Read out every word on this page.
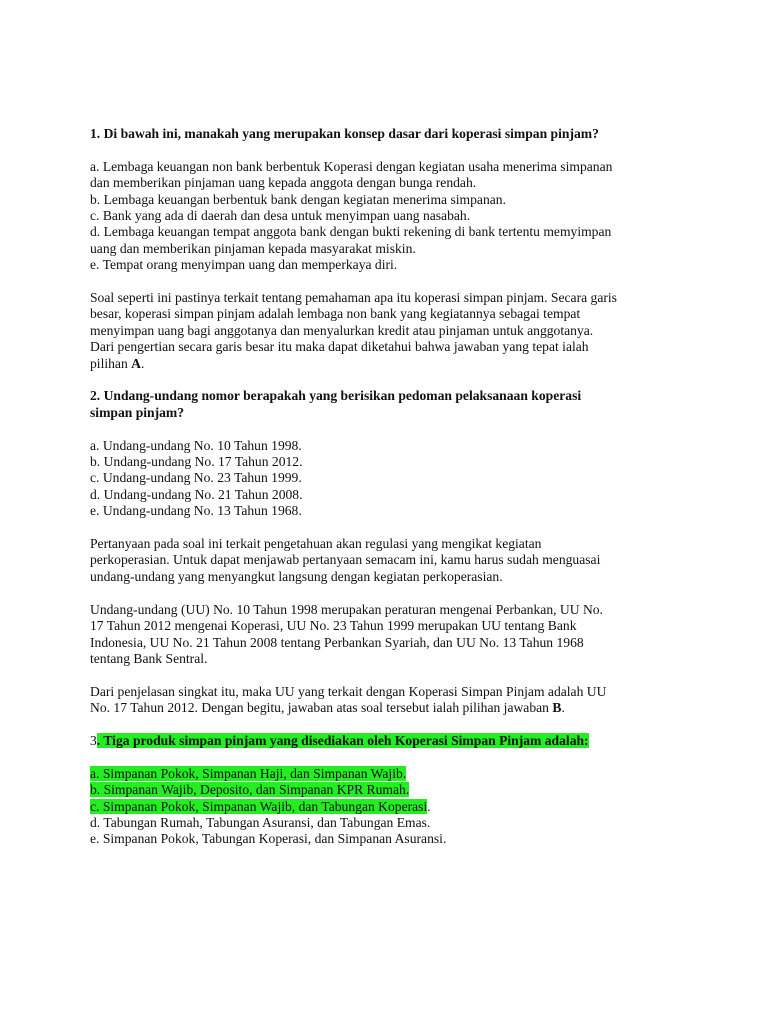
1. Di bawah ini, manakah yang merupakan konsep dasar dari koperasi simpan pinjam?
a. Lembaga keuangan non bank berbentuk Koperasi dengan kegiatan usaha menerima simpanan
dan memberikan pinjaman uang kepada anggota dengan bunga rendah.
b. Lembaga keuangan berbentuk bank dengan kegiatan menerima simpanan.
c. Bank yang ada di daerah dan desa untuk menyimpan uang nasabah.
d. Lembaga keuangan tempat anggota bank dengan bukti rekening di bank tertentu memyimpan
uang dan memberikan pinjaman kepada masyarakat miskin.
e. Tempat orang menyimpan uang dan memperkaya diri.
Soal seperti ini pastinya terkait tentang pemahaman apa itu koperasi simpan pinjam. Secara garis
besar, koperasi simpan pinjam adalah lembaga non bank yang kegiatannya sebagai tempat
menyimpan uang bagi anggotanya dan menyalurkan kredit atau pinjaman untuk anggotanya.
Dari pengertian secara garis besar itu maka dapat diketahui bahwa jawaban yang tepat ialah
pilihan A.
2. Undang-undang nomor berapakah yang berisikan pedoman pelaksanaan koperasi
simpan pinjam?
a. Undang-undang No. 10 Tahun 1998.
b. Undang-undang No. 17 Tahun 2012.
c. Undang-undang No. 23 Tahun 1999.
d. Undang-undang No. 21 Tahun 2008.
e. Undang-undang No. 13 Tahun 1968.
Pertanyaan pada soal ini terkait pengetahuan akan regulasi yang mengikat kegiatan
perkoperasian. Untuk dapat menjawab pertanyaan semacam ini, kamu harus sudah menguasai
undang-undang yang menyangkut langsung dengan kegiatan perkoperasian.
Undang-undang (UU) No. 10 Tahun 1998 merupakan peraturan mengenai Perbankan, UU No.
17 Tahun 2012 mengenai Koperasi, UU No. 23 Tahun 1999 merupakan UU tentang Bank
Indonesia, UU No. 21 Tahun 2008 tentang Perbankan Syariah, dan UU No. 13 Tahun 1968
tentang Bank Sentral.
Dari penjelasan singkat itu, maka UU yang terkait dengan Koperasi Simpan Pinjam adalah UU
No. 17 Tahun 2012. Dengan begitu, jawaban atas soal tersebut ialah pilihan jawaban B.
3. Tiga produk simpan pinjam yang disediakan oleh Koperasi Simpan Pinjam adalah:
a. Simpanan Pokok, Simpanan Haji, dan Simpanan Wajib.
b. Simpanan Wajib, Deposito, dan Simpanan KPR Rumah.
c. Simpanan Pokok, Simpanan Wajib, dan Tabungan Koperasi.
d. Tabungan Rumah, Tabungan Asuransi, dan Tabungan Emas.
e. Simpanan Pokok, Tabungan Koperasi, dan Simpanan Asuransi.
